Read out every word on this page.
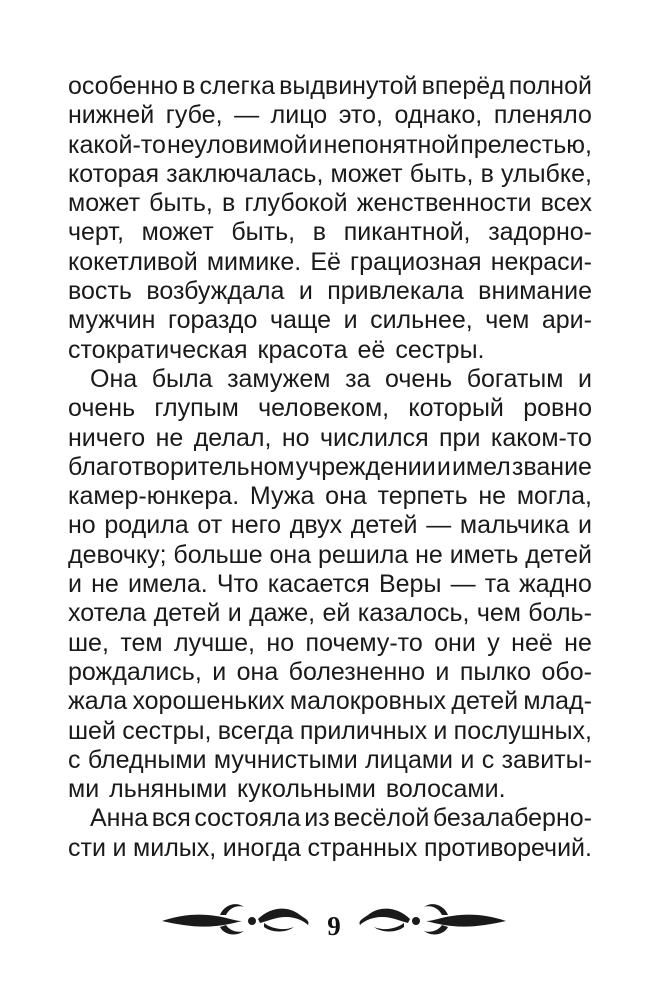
особенно в слегка выдвинутой вперёд полной
нижней губе, — лицо это, однако, пленяло
какой-то неуловимой и непонятной прелестью,
которая заключалась, может быть, в улыбке,
может быть, в глубокой женственности всех
черт, может быть, в пикантной, задорно-
кокетливой мимике. Её грациозная некраси-
вость возбуждала и привлекала внимание
мужчин гораздо чаще и сильнее, чем ари-
стократическая красота её сестры.
Она была замужем за очень богатым и
очень глупым человеком, который ровно
ничего не делал, но числился при каком-то
благотворительном учреждении и имел звание
камер-юнкера. Мужа она терпеть не могла,
но родила от него двух детей — мальчика и
девочку; больше она решила не иметь детей
и не имела. Что касается Веры — та жадно
хотела детей и даже, ей казалось, чем боль-
ше, тем лучше, но почему-то они у неё не
рождались, и она болезненно и пылко обо-
жала хорошеньких малокровных детей млад-
шей сестры, всегда приличных и послушных,
с бледными мучнистыми лицами и с завиты-
ми льняными кукольными волосами.
Анна вся состояла из весёлой безалаберно-
сти и милых, иногда странных противоречий.
9
